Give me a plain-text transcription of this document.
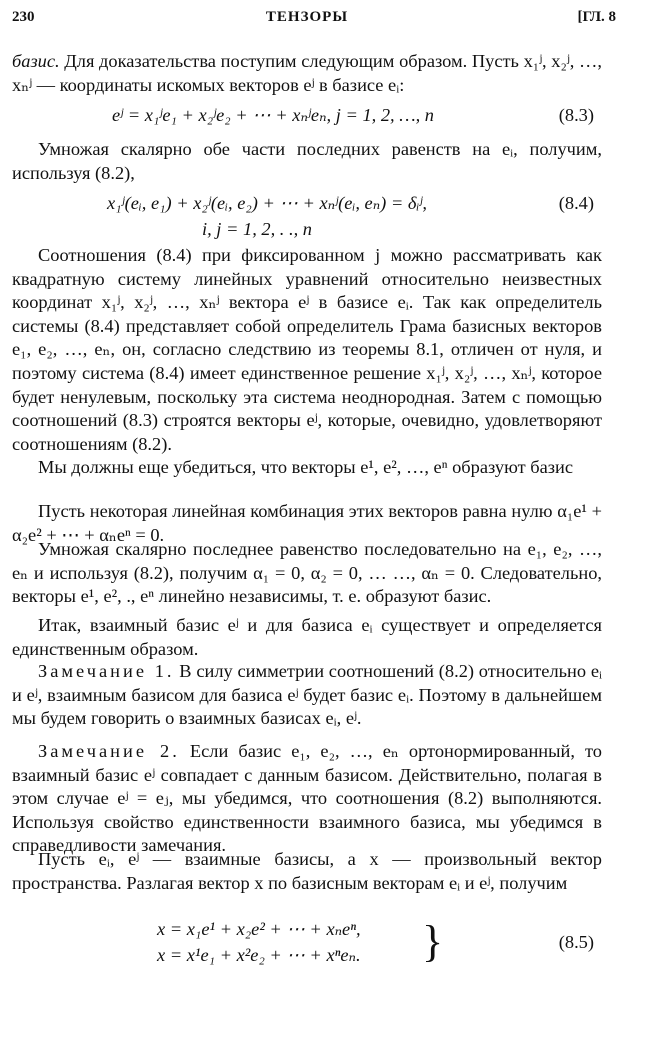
230	ТЕНЗОРЫ	[ГЛ. 8

базис. Для доказательства поступим следующим образом. Пусть x₁ʲ, x₂ʲ, …, xₙʲ — координаты искомых векторов eʲ в базисе eᵢ:

eʲ = x₁ʲe₁ + x₂ʲe₂ + ⋯ + xₙʲeₙ, j = 1, 2, …, n	(8.3)

Умножая скалярно обе части последних равенств на eᵢ, получим, используя (8.2),

x₁ʲ(eᵢ, e₁) + x₂ʲ(eᵢ, e₂) + ⋯ + xₙʲ(eᵢ, eₙ) = δᵢʲ,	(8.4)
i, j = 1, 2, . ., n

Соотношения (8.4) при фиксированном j можно рассматривать как квадратную систему линейных уравнений относительно неизвестных координат x₁ʲ, x₂ʲ, …, xₙʲ вектора eʲ в базисе eᵢ. Так как определитель системы (8.4) представляет собой определитель Грама базисных векторов e₁, e₂, …, eₙ, он, согласно следствию из теоремы 8.1, отличен от нуля, и поэтому система (8.4) имеет единственное решение x₁ʲ, x₂ʲ, …, xₙʲ, которое будет ненулевым, поскольку эта система неоднородная. Затем с помощью соотношений (8.3) строятся векторы eʲ, которые, очевидно, удовлетворяют соотношениям (8.2).

Мы должны еще убедиться, что векторы e¹, e², …, eⁿ образуют базис

Пусть некоторая линейная комбинация этих векторов равна нулю α₁e¹ + α₂e² + ⋯ + αₙeⁿ = 0.

Умножая скалярно последнее равенство последовательно на e₁, e₂, …, eₙ и используя (8.2), получим α₁ = 0, α₂ = 0, … …, αₙ = 0. Следовательно, векторы e¹, e², ., eⁿ линейно независимы, т. е. образуют базис.

Итак, взаимный базис eʲ и для базиса eᵢ существует и определяется единственным образом.

Замечание 1. В силу симметрии соотношений (8.2) относительно eᵢ и eʲ, взаимным базисом для базиса eʲ будет базис eᵢ. Поэтому в дальнейшем мы будем говорить о взаимных базисах eᵢ, eʲ.

Замечание 2. Если базис e₁, e₂, …, eₙ ортонормированный, то взаимный базис eʲ совпадает с данным базисом. Действительно, полагая в этом случае eʲ = eⱼ, мы убедимся, что соотношения (8.2) выполняются. Используя свойство единственности взаимного базиса, мы убедимся в справедливости замечания.

Пусть eᵢ, eʲ — взаимные базисы, а x — произвольный вектор пространства. Разлагая вектор x по базисным векторам eᵢ и eʲ, получим

x = x₁e¹ + x₂e² + ⋯ + xₙeⁿ,
x = x¹e₁ + x²e₂ + ⋯ + xⁿeₙ. }	(8.5)
